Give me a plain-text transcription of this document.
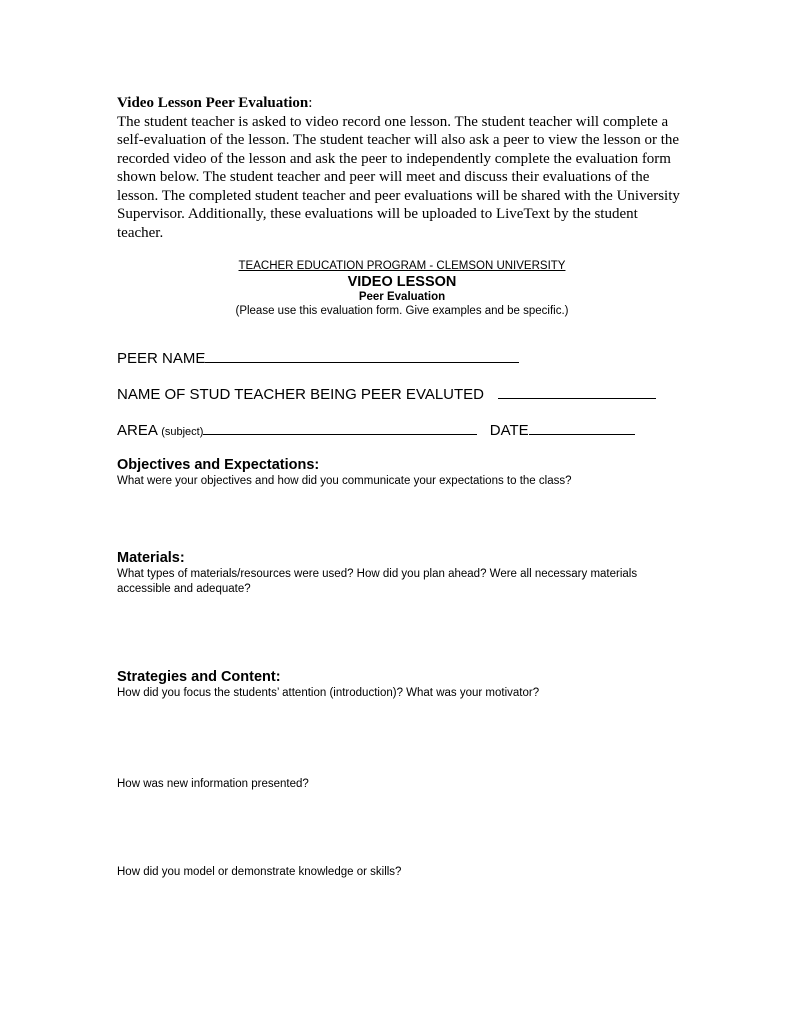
Video Lesson Peer Evaluation:
The student teacher is asked to video record one lesson. The student teacher will complete a self-evaluation of the lesson. The student teacher will also ask a peer to view the lesson or the recorded video of the lesson and ask the peer to independently complete the evaluation form shown below. The student teacher and peer will meet and discuss their evaluations of the lesson. The completed student teacher and peer evaluations will be shared with the University Supervisor. Additionally, these evaluations will be uploaded to LiveText by the student teacher.

TEACHER EDUCATION PROGRAM - CLEMSON UNIVERSITY
VIDEO LESSON
Peer Evaluation
(Please use this evaluation form. Give examples and be specific.)
PEER NAME
NAME OF STUD TEACHER BEING PEER EVALUTED
AREA (subject)	DATE

Objectives and Expectations:

What were your objectives and how did you communicate your expectations to the class?

Materials:

What types of materials/resources were used? How did you plan ahead? Were all necessary materials accessible and adequate?

Strategies and Content:

How did you focus the students’ attention (introduction)? What was your motivator?

How was new information presented?
How did you model or demonstrate knowledge or skills?
